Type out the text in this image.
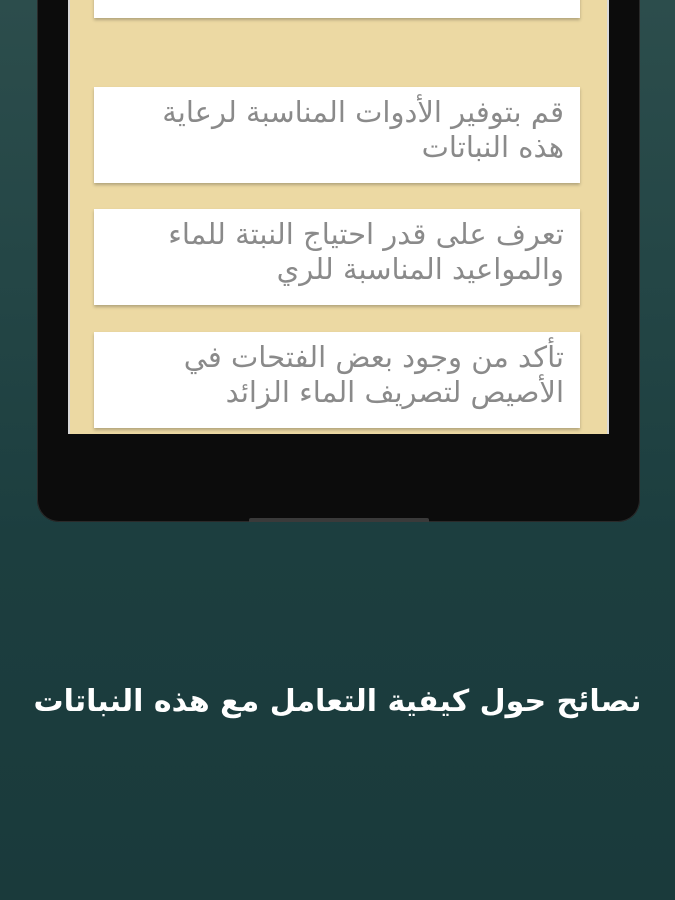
قم بتوفير الأدوات المناسبة لرعاية هذه النباتات
تعرف على قدر احتياج النبتة للماء والمواعيد المناسبة للري
تأكد من وجود بعض الفتحات في الأصيص لتصريف الماء الزائد
نصائح حول كيفية التعامل مع هذه النباتات
